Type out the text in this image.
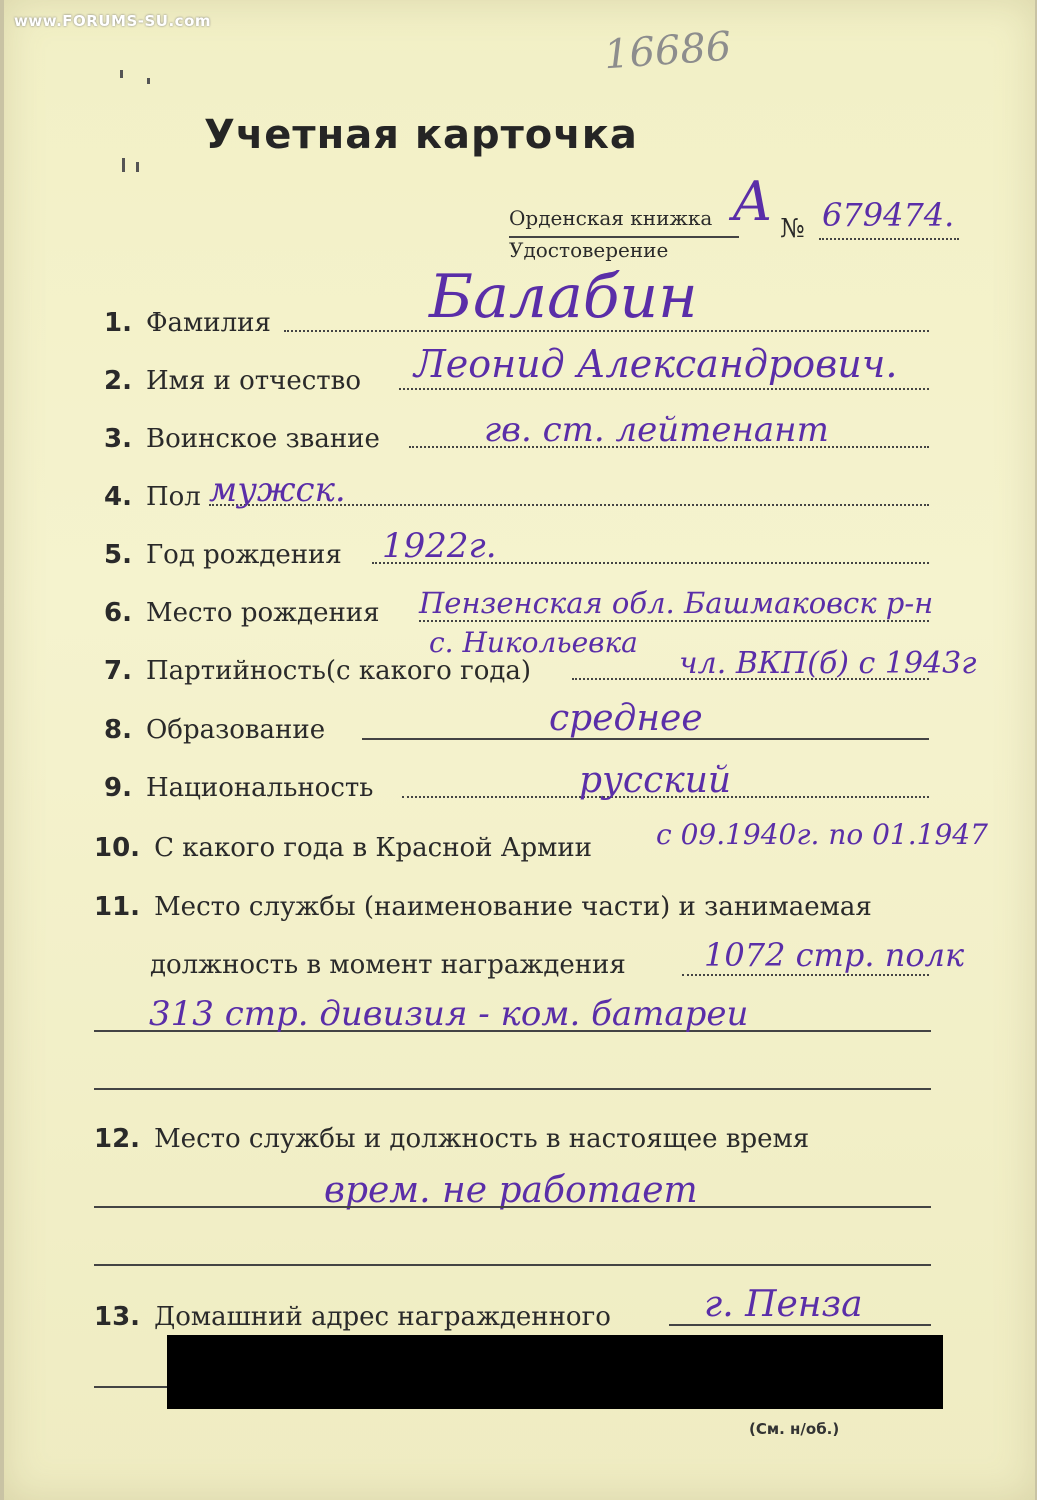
www.FORUMS-SU.com
16686
Учетная карточка
Орденская книжка
Удостоверение
А № 679474.
1. Фамилия	Балабин
2. Имя и отчество Леонид Александрович.
3. Воинское звание	гв. ст. лейтенант
4. Пол мужск.
5. Год рождения 1922г.
6. Место рождения Пензенская обл. Башмаковск р-н
с. Никольевка
7. Партийность(с какого года)	чл. ВКП(б) с 1943г
8. Образование	среднее
9. Национальность	русский
10. С какого года в Красной Армии с 09.1940г. по 01.1947
11. Место службы (наименование части) и занимаемая
должность в момент награждения 1072 стр. полк
313 стр. дивизия - ком. батареи
12. Место службы и должность в настоящее время
врем. не работает
13. Домашний адрес награжденного	г. Пенза
(См. н/об.)
